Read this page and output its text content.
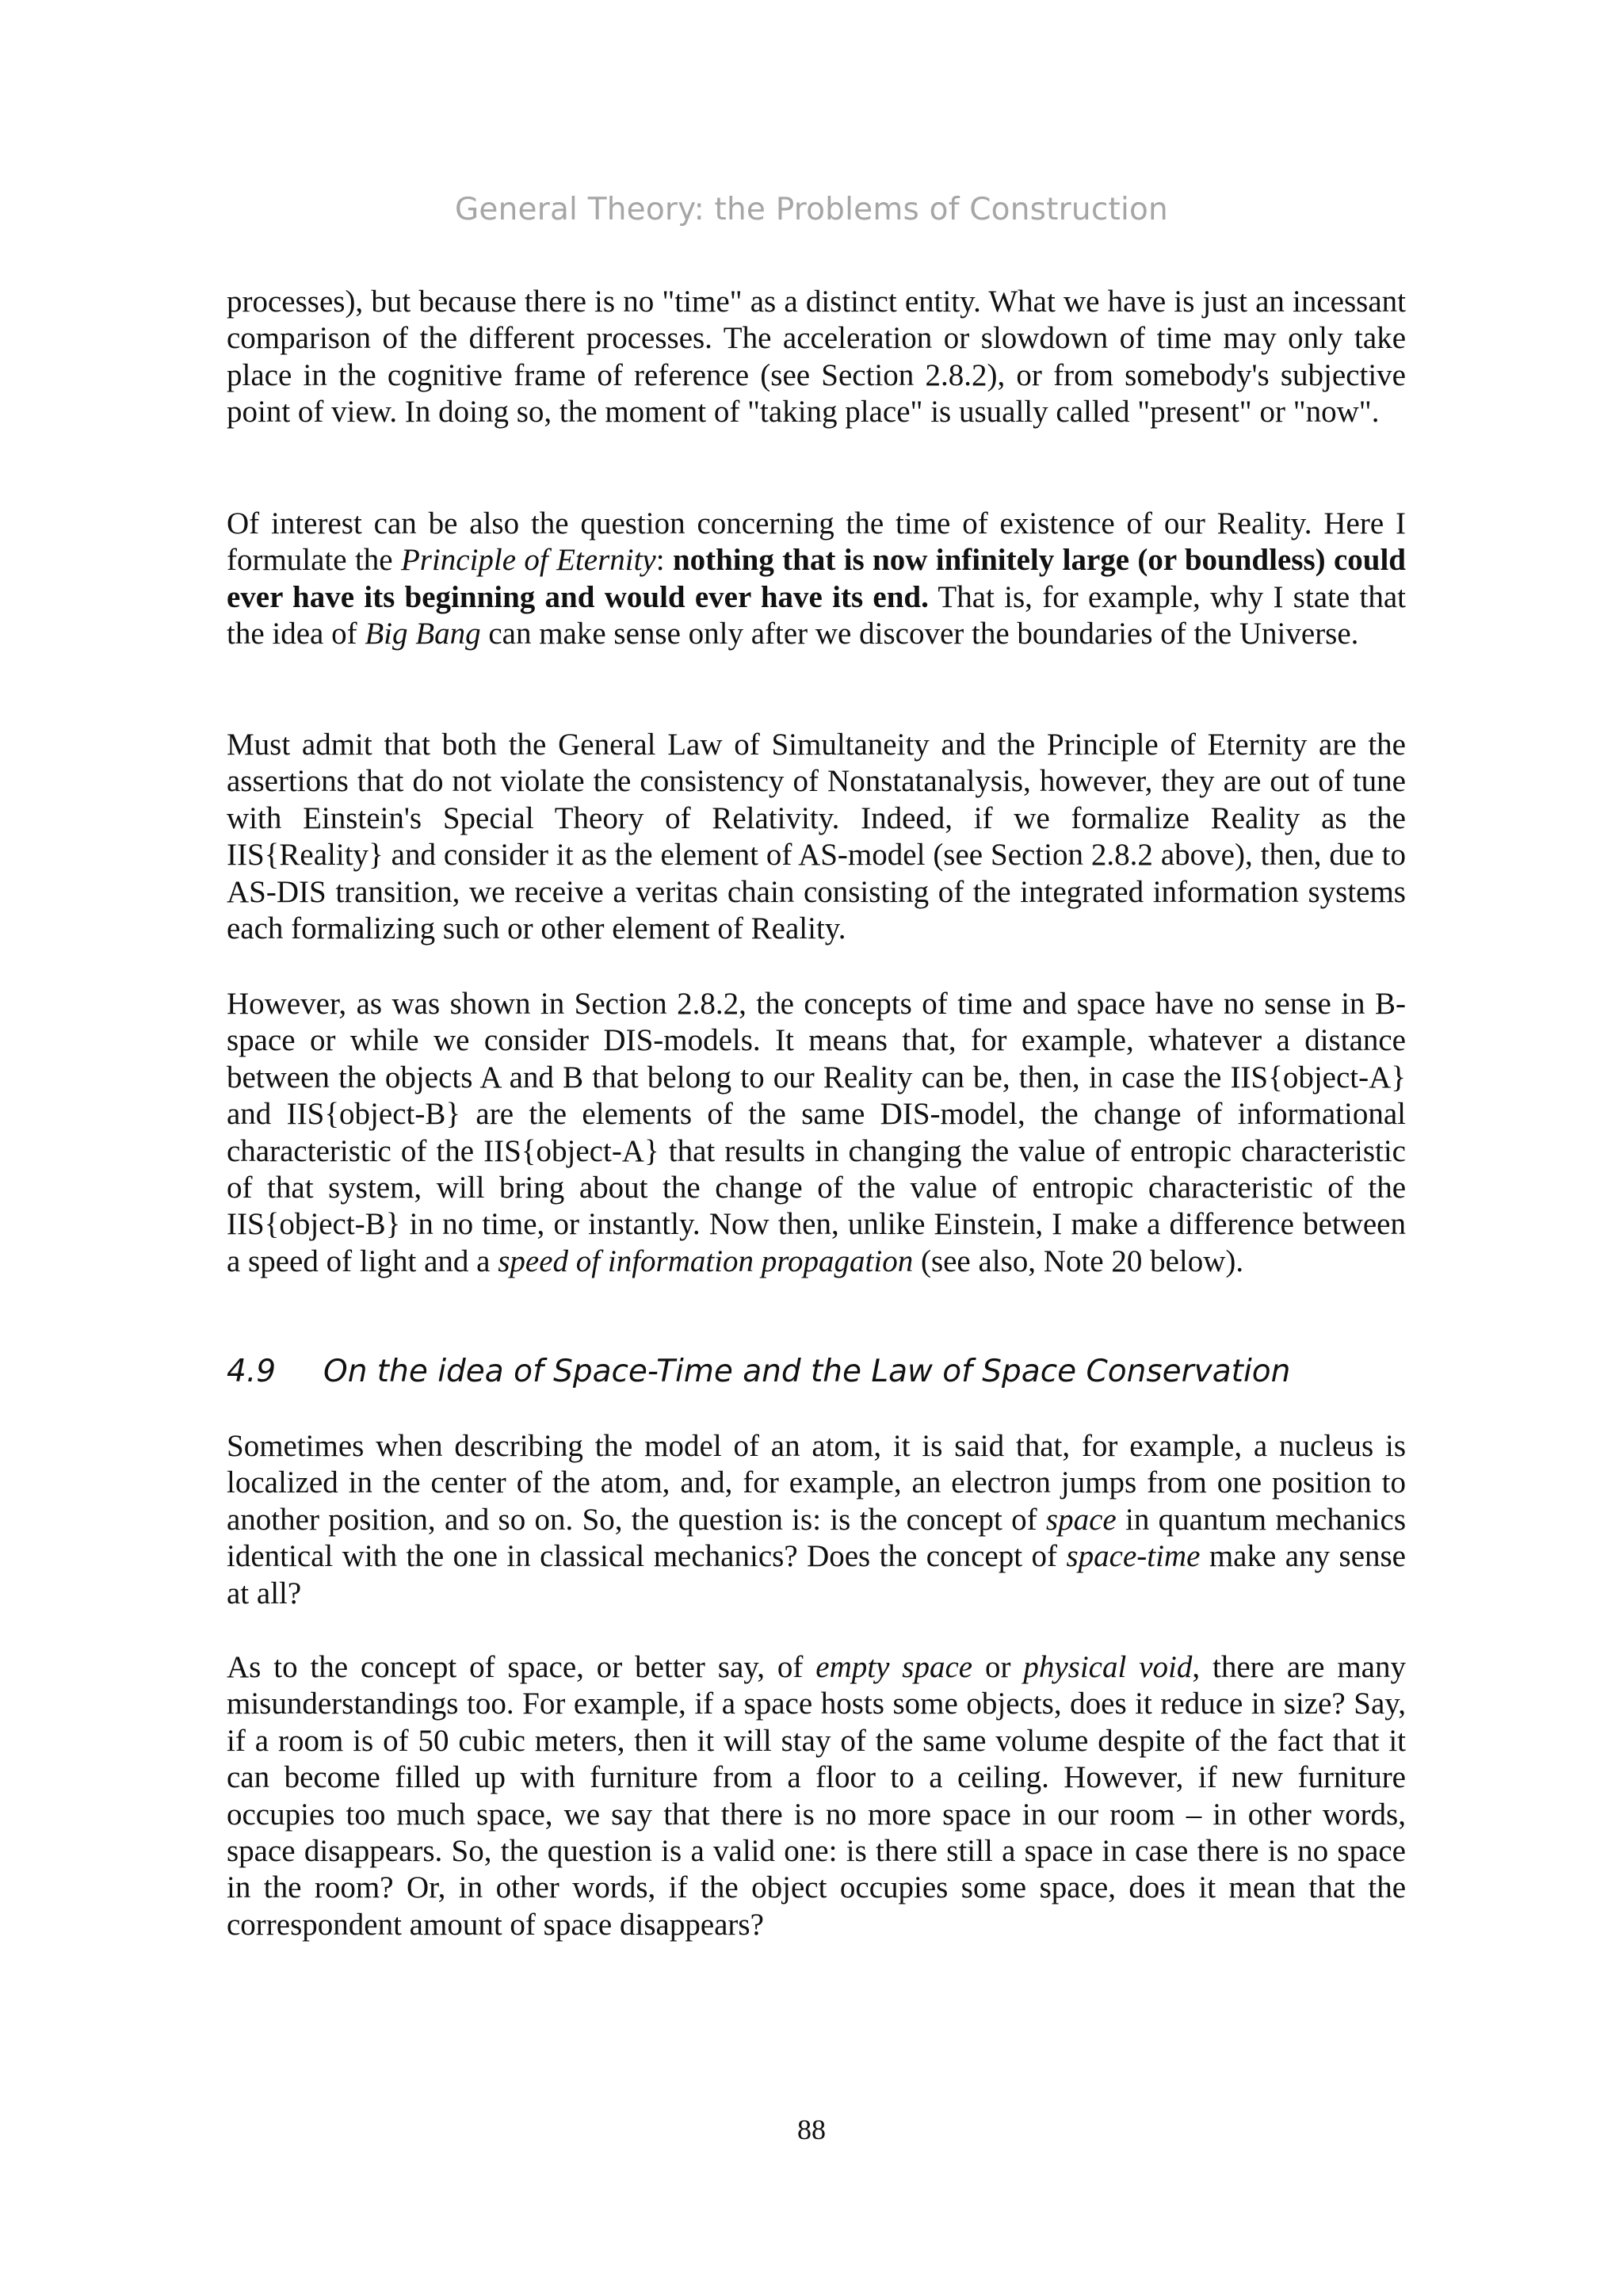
General Theory: the Problems of Construction

processes), but because there is no "time" as a distinct entity. What we have is just an incessant comparison of the different processes. The acceleration or slowdown of time may only take place in the cognitive frame of reference (see Section 2.8.2), or from somebody's subjective point of view. In doing so, the moment of "taking place" is usually called "present" or "now".

Of interest can be also the question concerning the time of existence of our Reality. Here I formulate the Principle of Eternity: nothing that is now infinitely large (or boundless) could ever have its beginning and would ever have its end. That is, for example, why I state that the idea of Big Bang can make sense only after we discover the boundaries of the Universe.

Must admit that both the General Law of Simultaneity and the Principle of Eternity are the assertions that do not violate the consistency of Nonstatanalysis, however, they are out of tune with Einstein's Special Theory of Relativity. Indeed, if we formalize Reality as the IIS{Reality} and consider it as the element of AS-model (see Section 2.8.2 above), then, due to AS-DIS transition, we receive a veritas chain consisting of the integrated information systems each formalizing such or other element of Reality.

However, as was shown in Section 2.8.2, the concepts of time and space have no sense in B-space or while we consider DIS-models. It means that, for example, whatever a distance between the objects A and B that belong to our Reality can be, then, in case the IIS{object-A} and IIS{object-B} are the elements of the same DIS-model, the change of informational characteristic of the IIS{object-A} that results in changing the value of entropic characteristic of that system, will bring about the change of the value of entropic characteristic of the IIS{object-B} in no time, or instantly. Now then, unlike Einstein, I make a difference between a speed of light and a speed of information propagation (see also, Note 20 below).

4.9 On the idea of Space-Time and the Law of Space Conservation

Sometimes when describing the model of an atom, it is said that, for example, a nucleus is localized in the center of the atom, and, for example, an electron jumps from one position to another position, and so on. So, the question is: is the concept of space in quantum mechanics identical with the one in classical mechanics? Does the concept of space-time make any sense at all?

As to the concept of space, or better say, of empty space or physical void, there are many misunderstandings too. For example, if a space hosts some objects, does it reduce in size? Say, if a room is of 50 cubic meters, then it will stay of the same volume despite of the fact that it can become filled up with furniture from a floor to a ceiling. However, if new furniture occupies too much space, we say that there is no more space in our room – in other words, space disappears. So, the question is a valid one: is there still a space in case there is no space in the room? Or, in other words, if the object occupies some space, does it mean that the correspondent amount of space disappears?

88
